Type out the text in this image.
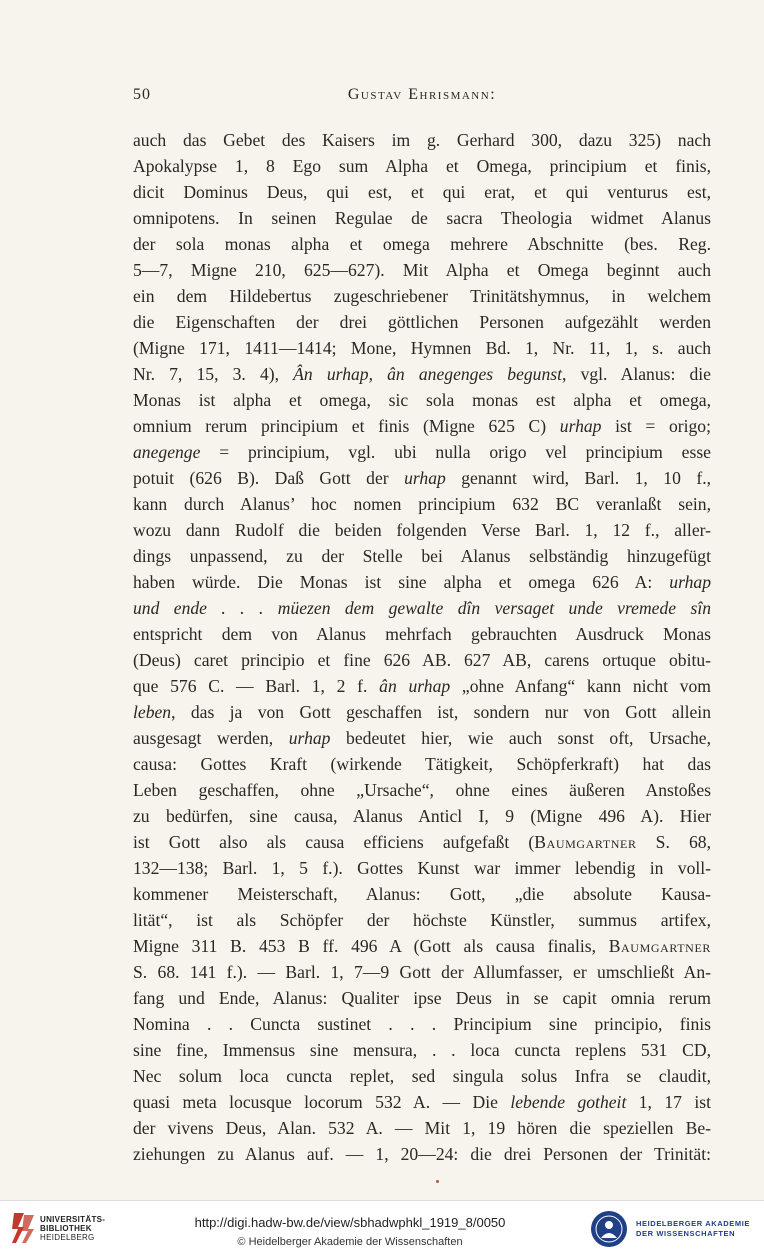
50	Gustav Ehrismann:
auch das Gebet des Kaisers im g. Gerhard 300, dazu 325) nach
Apokalypse 1, 8 Ego sum Alpha et Omega, principium et finis,
dicit Dominus Deus, qui est, et qui erat, et qui venturus est,
omnipotens. In seinen Regulae de sacra Theologia widmet Alanus
der sola monas alpha et omega mehrere Abschnitte (bes. Reg.
5—7, Migne 210, 625—627). Mit Alpha et Omega beginnt auch
ein dem Hildebertus zugeschriebener Trinitätshymnus, in welchem
die Eigenschaften der drei göttlichen Personen aufgezählt werden
(Migne 171, 1411—1414; Mone, Hymnen Bd. 1, Nr. 11, 1, s. auch
Nr. 7, 15, 3. 4), Ân urhap, ân anegenges begunst, vgl. Alanus: die
Monas ist alpha et omega, sic sola monas est alpha et omega,
omnium rerum principium et finis (Migne 625 C) urhap ist = origo;
anegenge = principium, vgl. ubi nulla origo vel principium esse
potuit (626 B). Daß Gott der urhap genannt wird, Barl. 1, 10 f.,
kann durch Alanus’ hoc nomen principium 632 BC veranlaßt sein,
wozu dann Rudolf die beiden folgenden Verse Barl. 1, 12 f., aller-
dings unpassend, zu der Stelle bei Alanus selbständig hinzugefügt
haben würde. Die Monas ist sine alpha et omega 626 A: urhap
und ende . . . müezen dem gewalte dîn versaget unde vremede sîn
entspricht dem von Alanus mehrfach gebrauchten Ausdruck Monas
(Deus) caret principio et fine 626 AB. 627 AB, carens ortuque obitu-
que 576 C. — Barl. 1, 2 f. ân urhap „ohne Anfang“ kann nicht vom
leben, das ja von Gott geschaffen ist, sondern nur von Gott allein
ausgesagt werden, urhap bedeutet hier, wie auch sonst oft, Ursache,
causa: Gottes Kraft (wirkende Tätigkeit, Schöpferkraft) hat das
Leben geschaffen, ohne „Ursache“, ohne eines äußeren Anstoßes
zu bedürfen, sine causa, Alanus Anticl I, 9 (Migne 496 A). Hier
ist Gott also als causa efficiens aufgefaßt (Baumgartner S. 68,
132—138; Barl. 1, 5 f.). Gottes Kunst war immer lebendig in voll-
kommener Meisterschaft, Alanus: Gott, „die absolute Kausa-
lität“, ist als Schöpfer der höchste Künstler, summus artifex,
Migne 311 B. 453 B ff. 496 A (Gott als causa finalis, Baumgartner
S. 68. 141 f.). — Barl. 1, 7—9 Gott der Allumfasser, er umschließt An-
fang und Ende, Alanus: Qualiter ipse Deus in se capit omnia rerum
Nomina . . Cuncta sustinet . . . Principium sine principio, finis
sine fine, Immensus sine mensura, . . loca cuncta replens 531 CD,
Nec solum loca cuncta replet, sed singula solus Infra se claudit,
quasi meta locusque locorum 532 A. — Die lebende gotheit 1, 17 ist
der vivens Deus, Alan. 532 A. — Mit 1, 19 hören die speziellen Be-
ziehungen zu Alanus auf. — 1, 20—24: die drei Personen der Trinität:
UNIVERSITÄTS-
BIBLIOTHEK
HEIDELBERG
http://digi.hadw-bw.de/view/sbhadwphkl_1919_8/0050
© Heidelberger Akademie der Wissenschaften
HEIDELBERGER AKADEMIE
DER WISSENSCHAFTEN
